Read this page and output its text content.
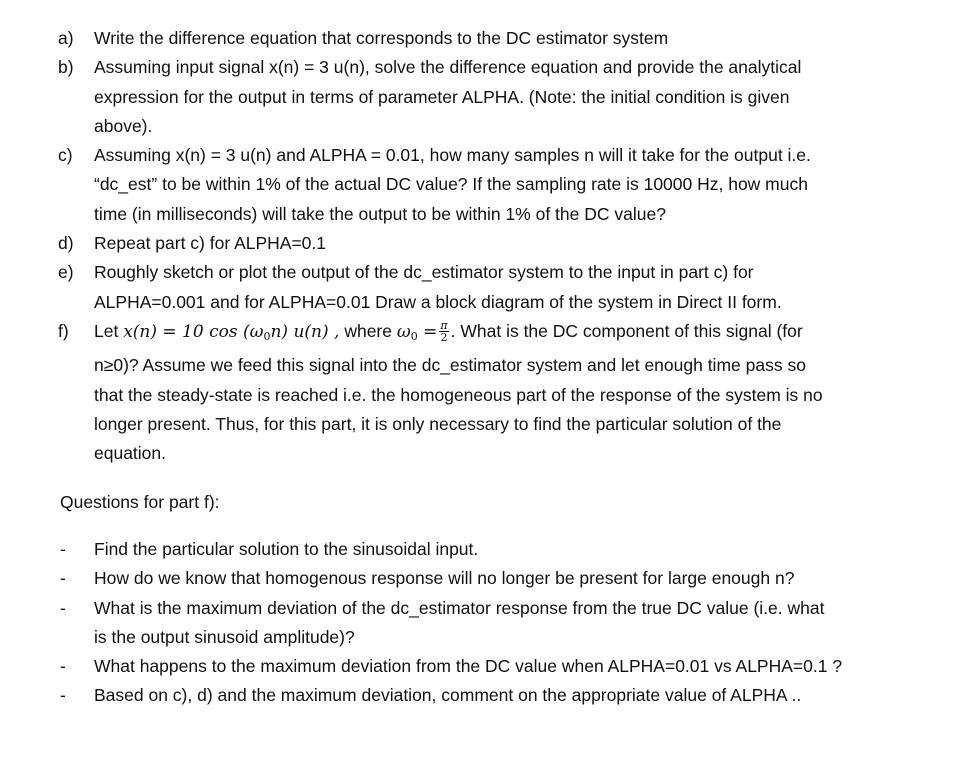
a)	Write the difference equation that corresponds to the DC estimator system
b)	Assuming input signal x(n) = 3 u(n), solve the difference equation and provide the analytical
expression for the output in terms of parameter ALPHA. (Note: the initial condition is given
above).
c)	Assuming x(n) = 3 u(n) and ALPHA = 0.01, how many samples n will it take for the output i.e.
“dc_est” to be within 1% of the actual DC value? If the sampling rate is 10000 Hz, how much
time (in milliseconds) will take the output to be within 1% of the DC value?
d)	Repeat part c) for ALPHA=0.1
e)	Roughly sketch or plot the output of the dc_estimator system to the input in part c) for
ALPHA=0.001 and for ALPHA=0.01 Draw a block diagram of the system in Direct II form.
f)	Let x(n) = 10 $\cos (\omega_0n)$ u(n) , where $\omega_0 = \frac{\pi}{2}$ . What is the DC component of this signal (for
n≥0)? Assume we feed this signal into the dc_estimator system and let enough time pass so
that the steady-state is reached i.e. the homogeneous part of the response of the system is no
longer present. Thus, for this part, it is only necessary to find the particular solution of the
equation.
Questions for part f):
-	Find the particular solution to the sinusoidal input.
-	How do we know that homogenous response will no longer be present for large enough n?
-	What is the maximum deviation of the dc_estimator response from the true DC value (i.e. what
is the output sinusoid amplitude)?
-	What happens to the maximum deviation from the DC value when ALPHA=0.01 vs ALPHA=0.1 ?
-	Based on c), d) and the maximum deviation, comment on the appropriate value of ALPHA ..
